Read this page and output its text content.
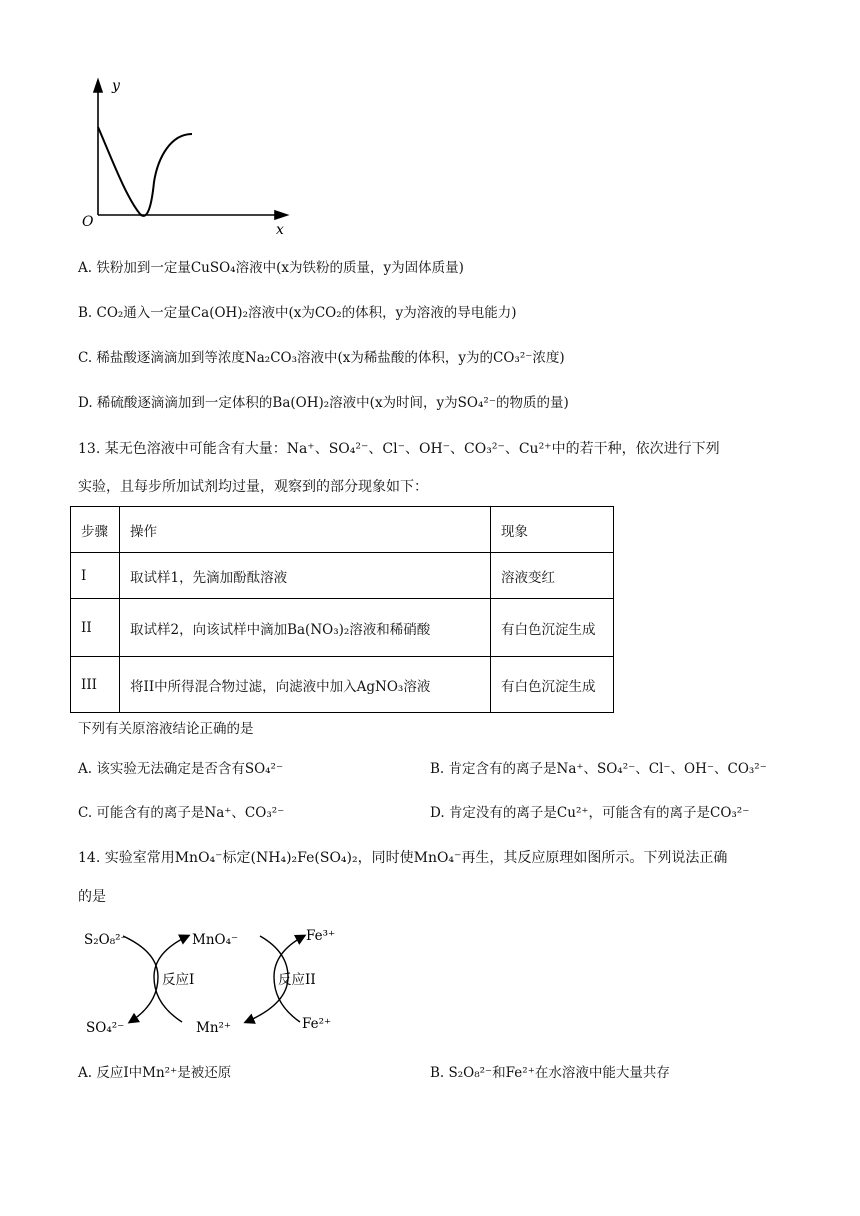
y
x
O
A. 铁粉加到一定量CuSO₄溶液中(x为铁粉的质量，y为固体质量)
B. CO₂通入一定量Ca(OH)₂溶液中(x为CO₂的体积，y为溶液的导电能力)
C. 稀盐酸逐滴滴加到等浓度Na₂CO₃溶液中(x为稀盐酸的体积，y为的CO₃²⁻浓度)
D. 稀硫酸逐滴滴加到一定体积的Ba(OH)₂溶液中(x为时间，y为SO₄²⁻的物质的量)
13. 某无色溶液中可能含有大量：Na⁺、SO₄²⁻、Cl⁻、OH⁻、CO₃²⁻、Cu²⁺中的若干种，依次进行下列
实验，且每步所加试剂均过量，观察到的部分现象如下：
步骤	操作	现象
I	取试样1，先滴加酚酞溶液	溶液变红
II	取试样2，向该试样中滴加Ba(NO₃)₂溶液和稀硝酸	有白色沉淀生成
III	将II中所得混合物过滤，向滤液中加入AgNO₃溶液	有白色沉淀生成
下列有关原溶液结论正确的是
A. 该实验无法确定是否含有SO₄²⁻	B. 肯定含有的离子是Na⁺、SO₄²⁻、Cl⁻、OH⁻、CO₃²⁻
C. 可能含有的离子是Na⁺、CO₃²⁻	D. 肯定没有的离子是Cu²⁺，可能含有的离子是CO₃²⁻
14. 实验室常用MnO₄⁻标定(NH₄)₂Fe(SO₄)₂，同时使MnO₄⁻再生，其反应原理如图所示。下列说法正确
的是
S₂O₈²⁻	MnO₄⁻	Fe³⁺
反应I	反应II
SO₄²⁻	Mn²⁺	Fe²⁺
A. 反应I中Mn²⁺是被还原	B. S₂O₈²⁻和Fe²⁺在水溶液中能大量共存
